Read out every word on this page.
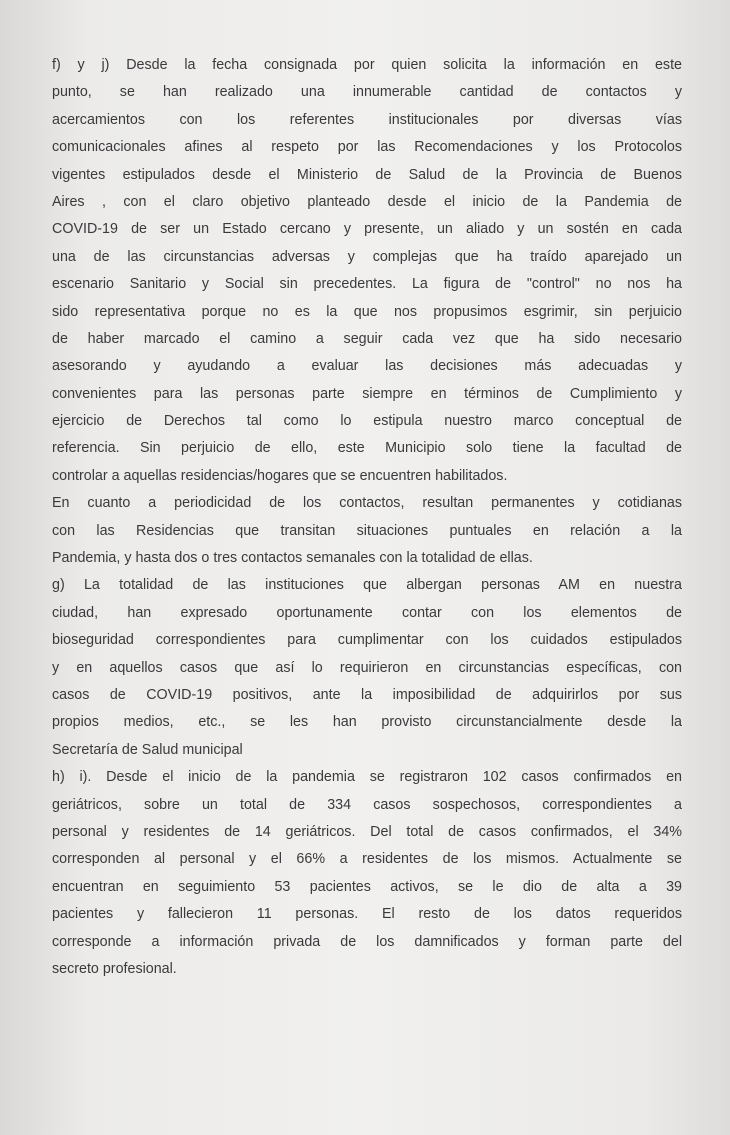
f) y j) Desde la fecha consignada por quien solicita la información en este
punto, se han realizado una innumerable cantidad de contactos y
acercamientos con los referentes institucionales por diversas vías
comunicacionales afines al respeto por las Recomendaciones y los Protocolos
vigentes estipulados desde el Ministerio de Salud de la Provincia de Buenos
Aires , con el claro objetivo planteado desde el inicio de la Pandemia de
COVID-19 de ser un Estado cercano y presente, un aliado y un sostén en cada
una de las circunstancias adversas y complejas que ha traído aparejado un
escenario Sanitario y Social sin precedentes. La figura de "control" no nos ha
sido representativa porque no es la que nos propusimos esgrimir, sin perjuicio
de haber marcado el camino a seguir cada vez que ha sido necesario
asesorando y ayudando a evaluar las decisiones más adecuadas y
convenientes para las personas parte siempre en términos de Cumplimiento y
ejercicio de Derechos tal como lo estipula nuestro marco conceptual de
referencia. Sin perjuicio de ello, este Municipio solo tiene la facultad de
controlar a aquellas residencias/hogares que se encuentren habilitados.
En cuanto a periodicidad de los contactos, resultan permanentes y cotidianas
con las Residencias que transitan situaciones puntuales en relación a la
Pandemia, y hasta dos o tres contactos semanales con la totalidad de ellas.
g) La totalidad de las instituciones que albergan personas AM en nuestra
ciudad, han expresado oportunamente contar con los elementos de
bioseguridad correspondientes para cumplimentar con los cuidados estipulados
y en aquellos casos que así lo requirieron en circunstancias específicas, con
casos de COVID-19 positivos, ante la imposibilidad de adquirirlos por sus
propios medios, etc., se les han provisto circunstancialmente desde la
Secretaría de Salud municipal
h) i). Desde el inicio de la pandemia se registraron 102 casos confirmados en
geriátricos, sobre un total de 334 casos sospechosos, correspondientes a
personal y residentes de 14 geriátricos. Del total de casos confirmados, el 34%
corresponden al personal y el 66% a residentes de los mismos. Actualmente se
encuentran en seguimiento 53 pacientes activos, se le dio de alta a 39
pacientes y fallecieron 11 personas. El resto de los datos requeridos
corresponde a información privada de los damnificados y forman parte del
secreto profesional.
